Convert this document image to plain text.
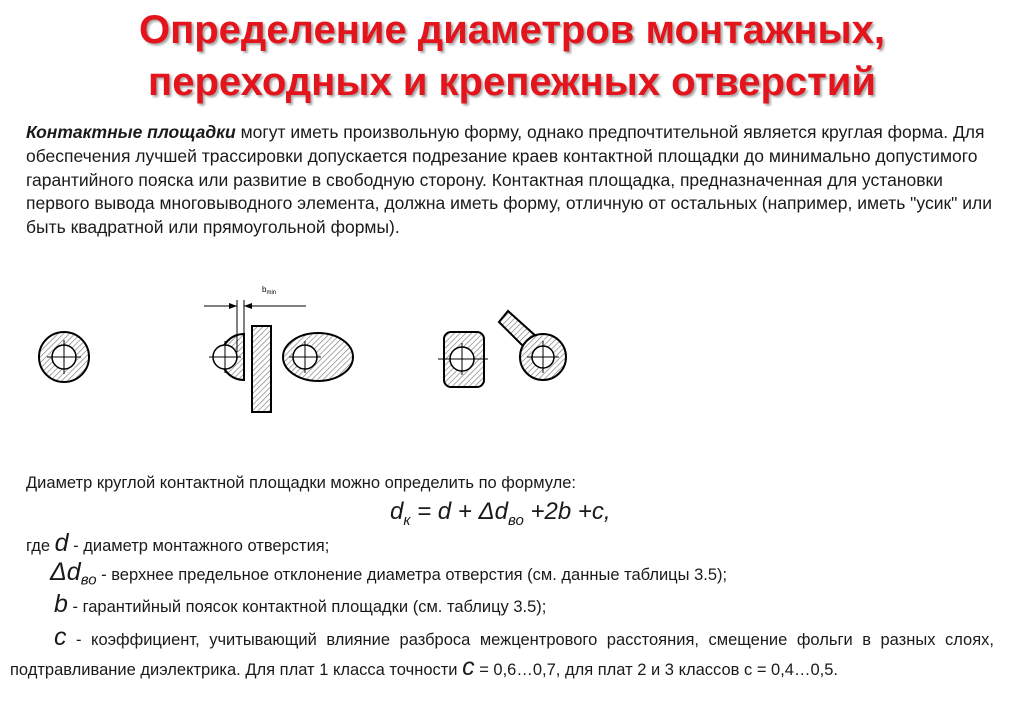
Определение диаметров монтажных,
переходных и крепежных отверстий
Контактные площадки могут иметь произвольную форму, однако предпочтительной является круглая форма. Для обеспечения лучшей трассировки допускается подрезание краев контактной площадки до минимально допустимого гарантийного пояска или развитие в свободную сторону. Контактная площадка, предназначенная для установки первого вывода многовыводного элемента, должна иметь форму, отличную от остальных (например, иметь "усик" или быть квадратной или прямоугольной формы).
$b_{min}$
Диаметр круглой контактной площадки можно определить по формуле:
$d_к = d + \Delta d_{во} +2b +c$,
где d - диаметр монтажного отверстия;
$\Delta d_{во}$ - верхнее предельное отклонение диаметра отверстия (см. данные таблицы 3.5);
b - гарантийный поясок контактной площадки (см. таблицу 3.5);
c - коэффициент, учитывающий влияние разброса межцентрового расстояния, смещение фольги в разных слоях, подтравливание диэлектрика. Для плат 1 класса точности c = 0,6…0,7, для плат 2 и 3 классов с = 0,4…0,5.
